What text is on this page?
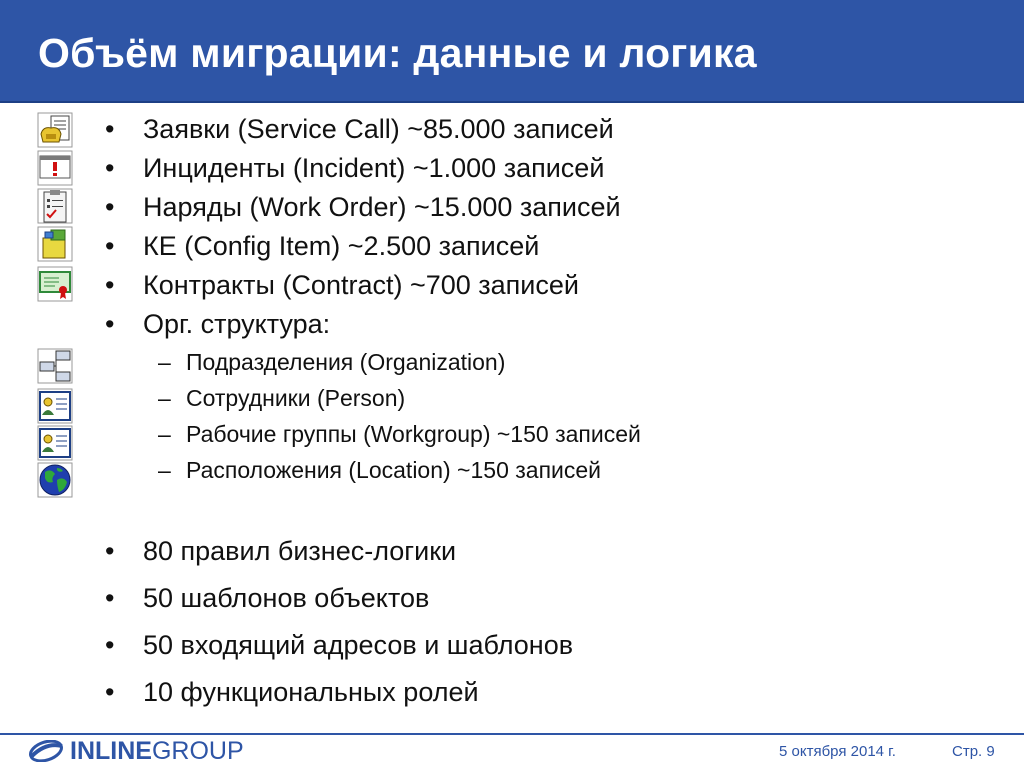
Объём миграции: данные и логика
• Заявки (Service Call) ~85.000 записей
• Инциденты (Incident) ~1.000 записей
• Наряды (Work Order) ~15.000 записей
• КЕ (Config Item) ~2.500 записей
• Контракты (Contract) ~700 записей
• Орг. структура:
– Подразделения (Organization)
– Сотрудники (Person)
– Рабочие группы (Workgroup) ~150 записей
– Расположения (Location) ~150 записей
• 80 правил бизнес-логики
• 50 шаблонов объектов
• 50 входящий адресов и шаблонов
• 10 функциональных ролей
INLINE GROUP	5 октября 2014 г.	Стр. 9
